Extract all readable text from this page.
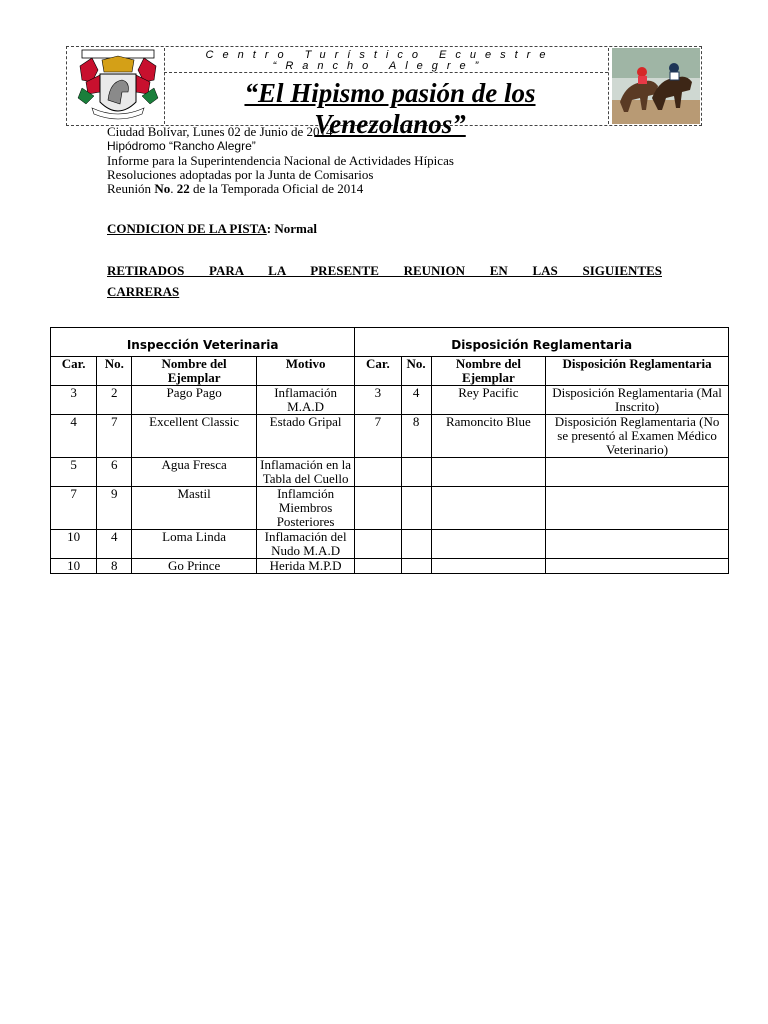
Centro Turístico Ecuestre
“Rancho Alegre”
“El Hipismo pasión de los Venezolanos”
Ciudad Bolívar, Lunes 02 de Junio de 2014
Hipódromo “Rancho Alegre”
Informe para la Superintendencia Nacional de Actividades Hípicas
Resoluciones adoptadas por la Junta de Comisarios
Reunión No. 22 de la Temporada Oficial de 2014
CONDICION DE LA PISTA: Normal
RETIRADOS PARA LA PRESENTE REUNION EN LAS SIGUIENTES
CARRERAS
Inspección Veterinaria				Disposición Reglamentaria			
Car.	No.	Nombre del Ejemplar	Motivo	Car.	No.	Nombre del Ejemplar	Disposición Reglamentaria
3	2	Pago Pago	Inflamación M.A.D	3	4	Rey Pacific	Disposición Reglamentaria (Mal Inscrito)
4	7	Excellent Classic	Estado Gripal	7	8	Ramoncito Blue	Disposición Reglamentaria (No se presentó al Examen Médico Veterinario)
5	6	Agua Fresca	Inflamación en la Tabla del Cuello				
7	9	Mastil	Inflamción Miembros Posteriores				
10	4	Loma Linda	Inflamación del Nudo M.A.D				
10	8	Go Prince	Herida M.P.D				
